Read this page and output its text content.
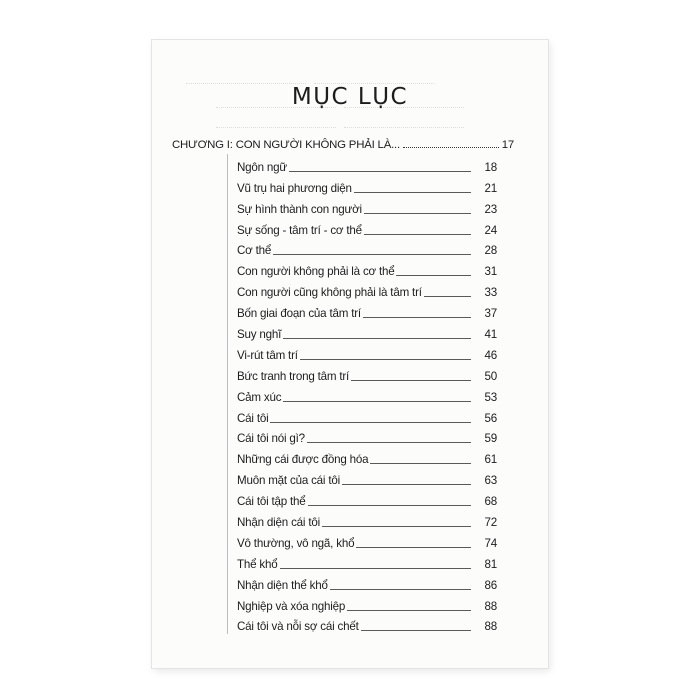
MỤC LỤC
CHƯƠNG I: CON NGƯỜI KHÔNG PHẢI LÀ...	17
Ngôn ngữ	18
Vũ trụ hai phương diện	21
Sự hình thành con người	23
Sự sống - tâm trí - cơ thể	24
Cơ thể	28
Con người không phải là cơ thể	31
Con người cũng không phải là tâm trí	33
Bốn giai đoạn của tâm trí	37
Suy nghĩ	41
Vi-rút tâm trí	46
Bức tranh trong tâm trí	50
Cảm xúc	53
Cái tôi	56
Cái tôi nói gì?	59
Những cái được đồng hóa	61
Muôn mặt của cái tôi	63
Cái tôi tập thể	68
Nhận diện cái tôi	72
Vô thường, vô ngã, khổ	74
Thể khổ	81
Nhận diện thể khổ	86
Nghiệp và xóa nghiệp	88
Cái tôi và nỗi sợ cái chết	88
